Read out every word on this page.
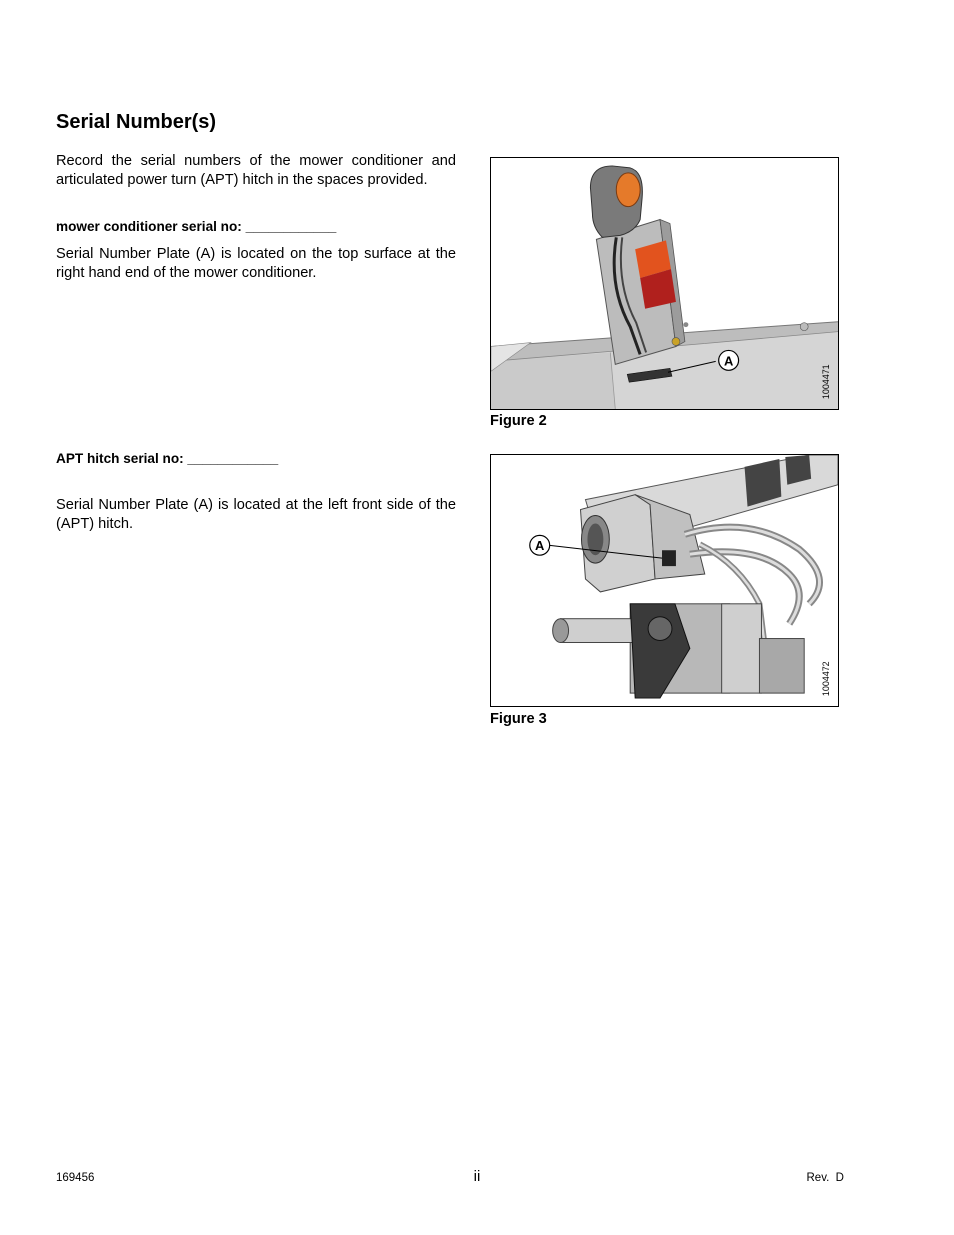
Serial Number(s)

Record the serial numbers of the mower conditioner and articulated power turn (APT) hitch in the spaces provided.

mower conditioner serial no: ____________

Serial Number Plate (A) is located on the top surface at the right hand end of the mower conditioner.

APT hitch serial no: ____________

Serial Number Plate (A) is located at the left front side of the (APT) hitch.

A
1004471

Figure 2

A
1004472

Figure 3

169456	ii	Rev.  D
